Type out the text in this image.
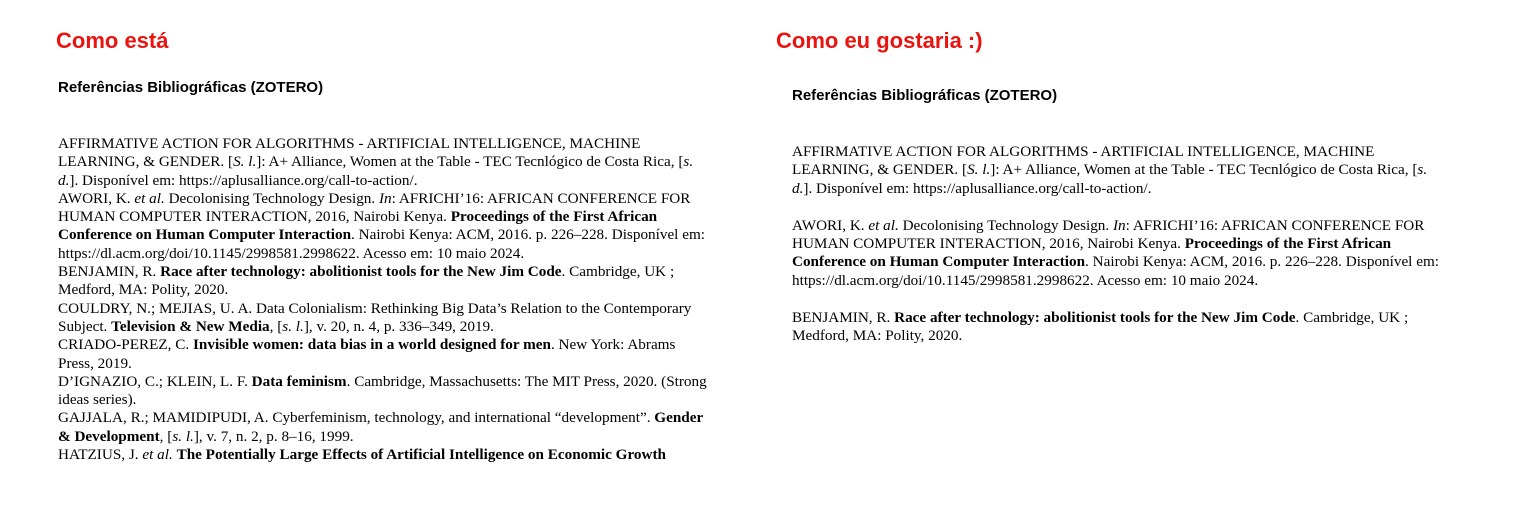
Como está
Referências Bibliográficas (ZOTERO)

AFFIRMATIVE ACTION FOR ALGORITHMS - ARTIFICIAL INTELLIGENCE, MACHINE LEARNING, & GENDER. [S. l.]: A+ Alliance, Women at the Table - TEC Tecnlógico de Costa Rica, [s. d.]. Disponível em: https://aplusalliance.org/call-to-action/.

AWORI, K. et al. Decolonising Technology Design. In: AFRICHI’16: AFRICAN CONFERENCE FOR HUMAN COMPUTER INTERACTION, 2016, Nairobi Kenya. Proceedings of the First African Conference on Human Computer Interaction. Nairobi Kenya: ACM, 2016. p. 226–228. Disponível em: https://dl.acm.org/doi/10.1145/2998581.2998622. Acesso em: 10 maio 2024.

BENJAMIN, R. Race after technology: abolitionist tools for the New Jim Code. Cambridge, UK ; Medford, MA: Polity, 2020.

COULDRY, N.; MEJIAS, U. A. Data Colonialism: Rethinking Big Data’s Relation to the Contemporary Subject. Television & New Media, [s. l.], v. 20, n. 4, p. 336–349, 2019.

CRIADO-PEREZ, C. Invisible women: data bias in a world designed for men. New York: Abrams Press, 2019.

D’IGNAZIO, C.; KLEIN, L. F. Data feminism. Cambridge, Massachusetts: The MIT Press, 2020. (Strong ideas series).

GAJJALA, R.; MAMIDIPUDI, A. Cyberfeminism, technology, and international “development”. Gender & Development, [s. l.], v. 7, n. 2, p. 8–16, 1999.

HATZIUS, J. et al. The Potentially Large Effects of Artificial Intelligence on Economic Growth

Como eu gostaria :)
Referências Bibliográficas (ZOTERO)

AFFIRMATIVE ACTION FOR ALGORITHMS - ARTIFICIAL INTELLIGENCE, MACHINE LEARNING, & GENDER. [S. l.]: A+ Alliance, Women at the Table - TEC Tecnlógico de Costa Rica, [s. d.]. Disponível em: https://aplusalliance.org/call-to-action/.

AWORI, K. et al. Decolonising Technology Design. In: AFRICHI’16: AFRICAN CONFERENCE FOR HUMAN COMPUTER INTERACTION, 2016, Nairobi Kenya. Proceedings of the First African Conference on Human Computer Interaction. Nairobi Kenya: ACM, 2016. p. 226–228. Disponível em: https://dl.acm.org/doi/10.1145/2998581.2998622. Acesso em: 10 maio 2024.

BENJAMIN, R. Race after technology: abolitionist tools for the New Jim Code. Cambridge, UK ; Medford, MA: Polity, 2020.
